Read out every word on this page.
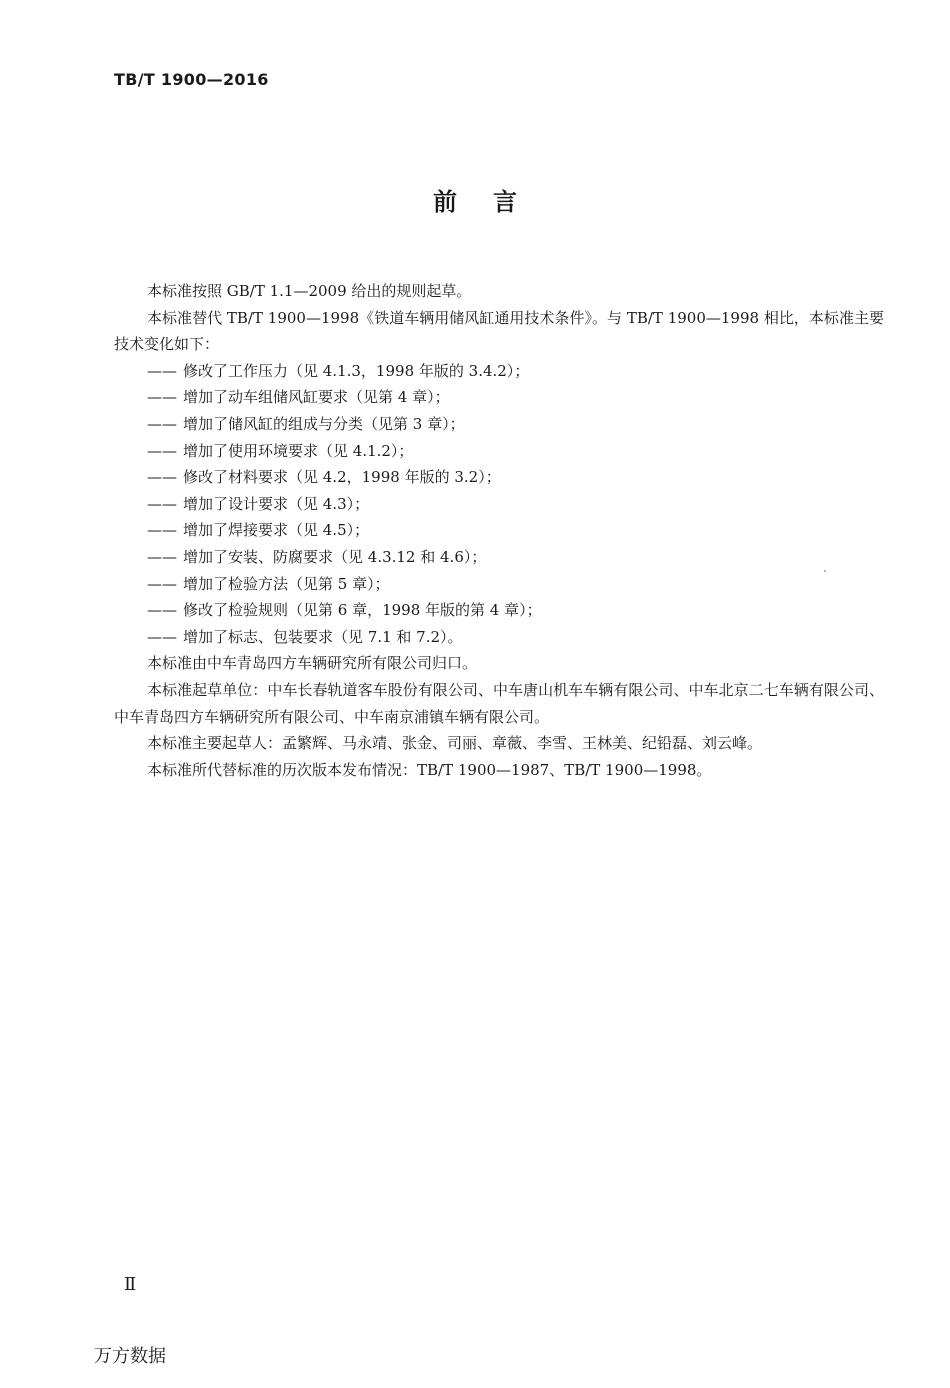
TB/T 1900—2016
前言

本标准按照 GB/T 1.1—2009 给出的规则起草。

本标准替代 TB/T 1900—1998《铁道车辆用储风缸通用技术条件》。与 TB/T 1900—1998 相比，本标准主要技术变化如下：

—— 修改了工作压力（见 4.1.3，1998 年版的 3.4.2）；

—— 增加了动车组储风缸要求（见第 4 章）；

—— 增加了储风缸的组成与分类（见第 3 章）；

—— 增加了使用环境要求（见 4.1.2）；

—— 修改了材料要求（见 4.2，1998 年版的 3.2）；

—— 增加了设计要求（见 4.3）；

—— 增加了焊接要求（见 4.5）；

—— 增加了安装、防腐要求（见 4.3.12 和 4.6）；

—— 增加了检验方法（见第 5 章）；

—— 修改了检验规则（见第 6 章，1998 年版的第 4 章）；

—— 增加了标志、包装要求（见 7.1 和 7.2）。

本标准由中车青岛四方车辆研究所有限公司归口。

本标准起草单位：中车长春轨道客车股份有限公司、中车唐山机车车辆有限公司、中车北京二七车辆有限公司、中车青岛四方车辆研究所有限公司、中车南京浦镇车辆有限公司。

本标准主要起草人：孟繁辉、马永靖、张金、司丽、章薇、李雪、王林美、纪铅磊、刘云峰。

本标准所代替标准的历次版本发布情况：TB/T 1900—1987、TB/T 1900—1998。

Ⅱ
万方数据
